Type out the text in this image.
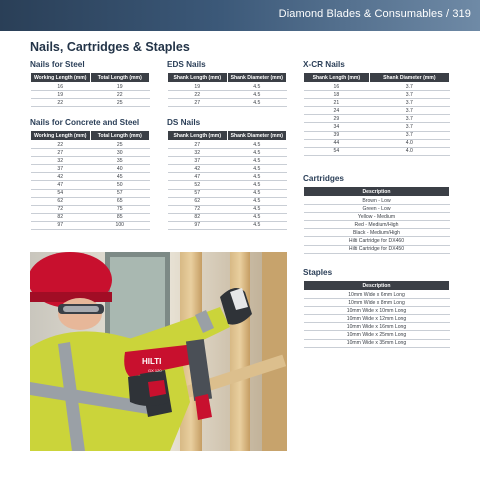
Diamond Blades & Consumables / 319
Nails, Cartridges & Staples
Nails for Steel
Working Length (mm)	Total Length (mm)
16	19
19	22
22	25
Nails for Concrete and Steel
Working Length (mm)	Total Length (mm)
22	25
27	30
32	35
37	40
42	45
47	50
54	57
62	65
72	75
82	85
97	100
EDS Nails
Shank Length (mm)	Shank Diameter (mm)
19	4.5
22	4.5
27	4.5
DS Nails
Shank Length (mm)	Shank Diameter (mm)
27	4.5
32	4.5
37	4.5
42	4.5
47	4.5
52	4.5
57	4.5
62	4.5
72	4.5
82	4.5
97	4.5
X-CR Nails
Shank Length (mm)	Shank Diameter (mm)
16	3.7
18	3.7
21	3.7
24	3.7
29	3.7
34	3.7
39	3.7
44	4.0
54	4.0
Cartridges
Description
Brown - Low
Green - Low
Yellow - Medium
Red - Medium/High
Black - Medium/High
Hilti Cartridge for DX460
Hilti Cartridge for DX450
Staples
Description
10mm Wide x 6mm Long
10mm Wide x 8mm Long
10mm Wide x 10mm Long
10mm Wide x 12mm Long
10mm Wide x 16mm Long
10mm Wide x 25mm Long
10mm Wide x 35mm Long
HILTI
GX 120
